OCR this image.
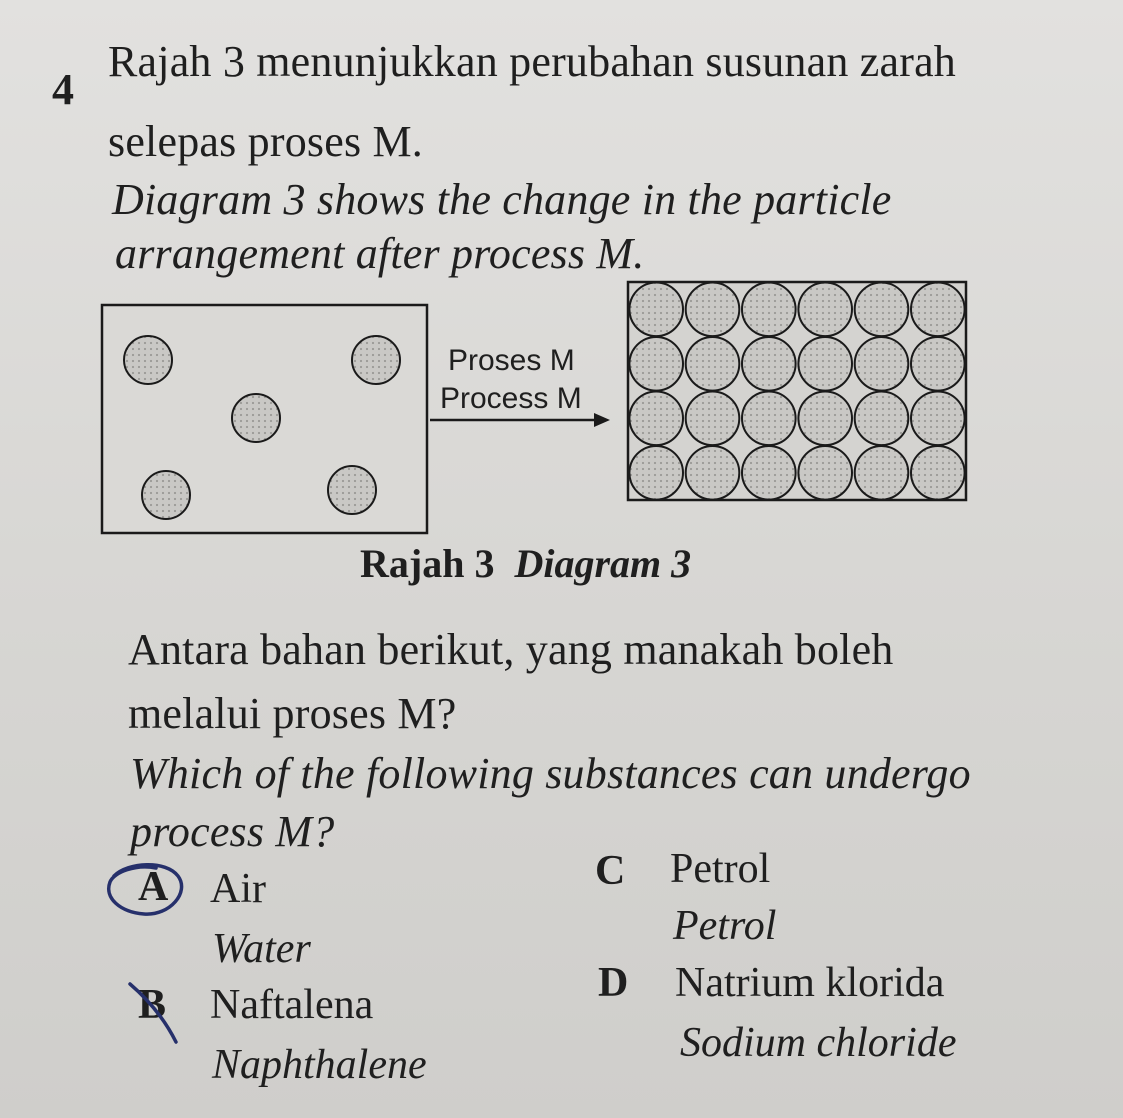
4
Rajah 3 menunjukkan perubahan susunan zarah
selepas proses M.
Diagram 3 shows the change in the particle
arrangement after process M.
Proses M
Process M
Rajah 3 Diagram 3
Antara bahan berikut, yang manakah boleh
melalui proses M?
Which of the following substances can undergo
process M?
A Air
Water
B Naftalena
Naphthalene
C Petrol
Petrol
D Natrium klorida
Sodium chloride
